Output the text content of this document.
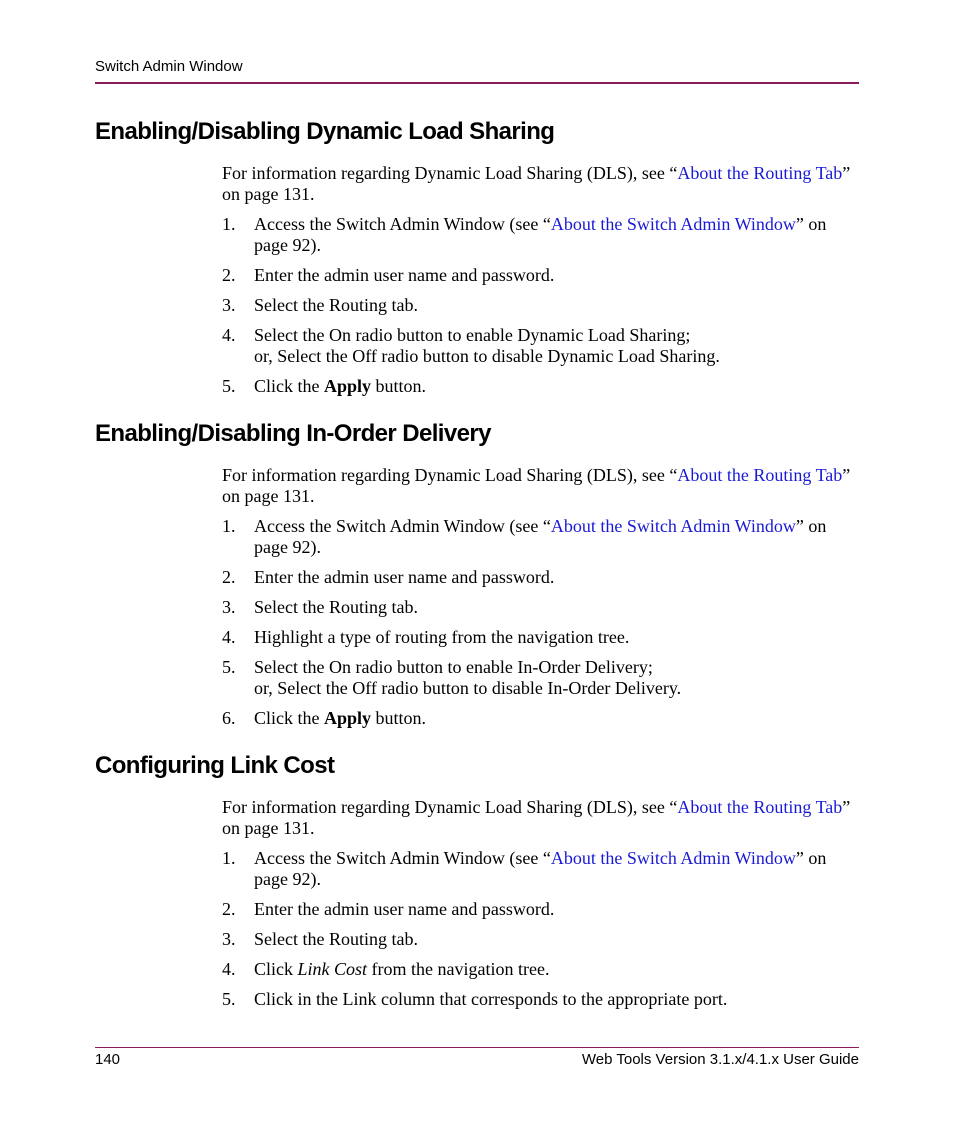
Switch Admin Window
Enabling/Disabling Dynamic Load Sharing
For information regarding Dynamic Load Sharing (DLS), see “About the Routing Tab” on page 131.
1. Access the Switch Admin Window (see “About the Switch Admin Window” on page 92).
2. Enter the admin user name and password.
3. Select the Routing tab.
4. Select the On radio button to enable Dynamic Load Sharing;
or, Select the Off radio button to disable Dynamic Load Sharing.
5. Click the Apply button.
Enabling/Disabling In-Order Delivery
For information regarding Dynamic Load Sharing (DLS), see “About the Routing Tab” on page 131.
1. Access the Switch Admin Window (see “About the Switch Admin Window” on page 92).
2. Enter the admin user name and password.
3. Select the Routing tab.
4. Highlight a type of routing from the navigation tree.
5. Select the On radio button to enable In-Order Delivery;
or, Select the Off radio button to disable In-Order Delivery.
6. Click the Apply button.
Configuring Link Cost
For information regarding Dynamic Load Sharing (DLS), see “About the Routing Tab” on page 131.
1. Access the Switch Admin Window (see “About the Switch Admin Window” on page 92).
2. Enter the admin user name and password.
3. Select the Routing tab.
4. Click Link Cost from the navigation tree.
5. Click in the Link column that corresponds to the appropriate port.
140	Web Tools Version 3.1.x/4.1.x User Guide
